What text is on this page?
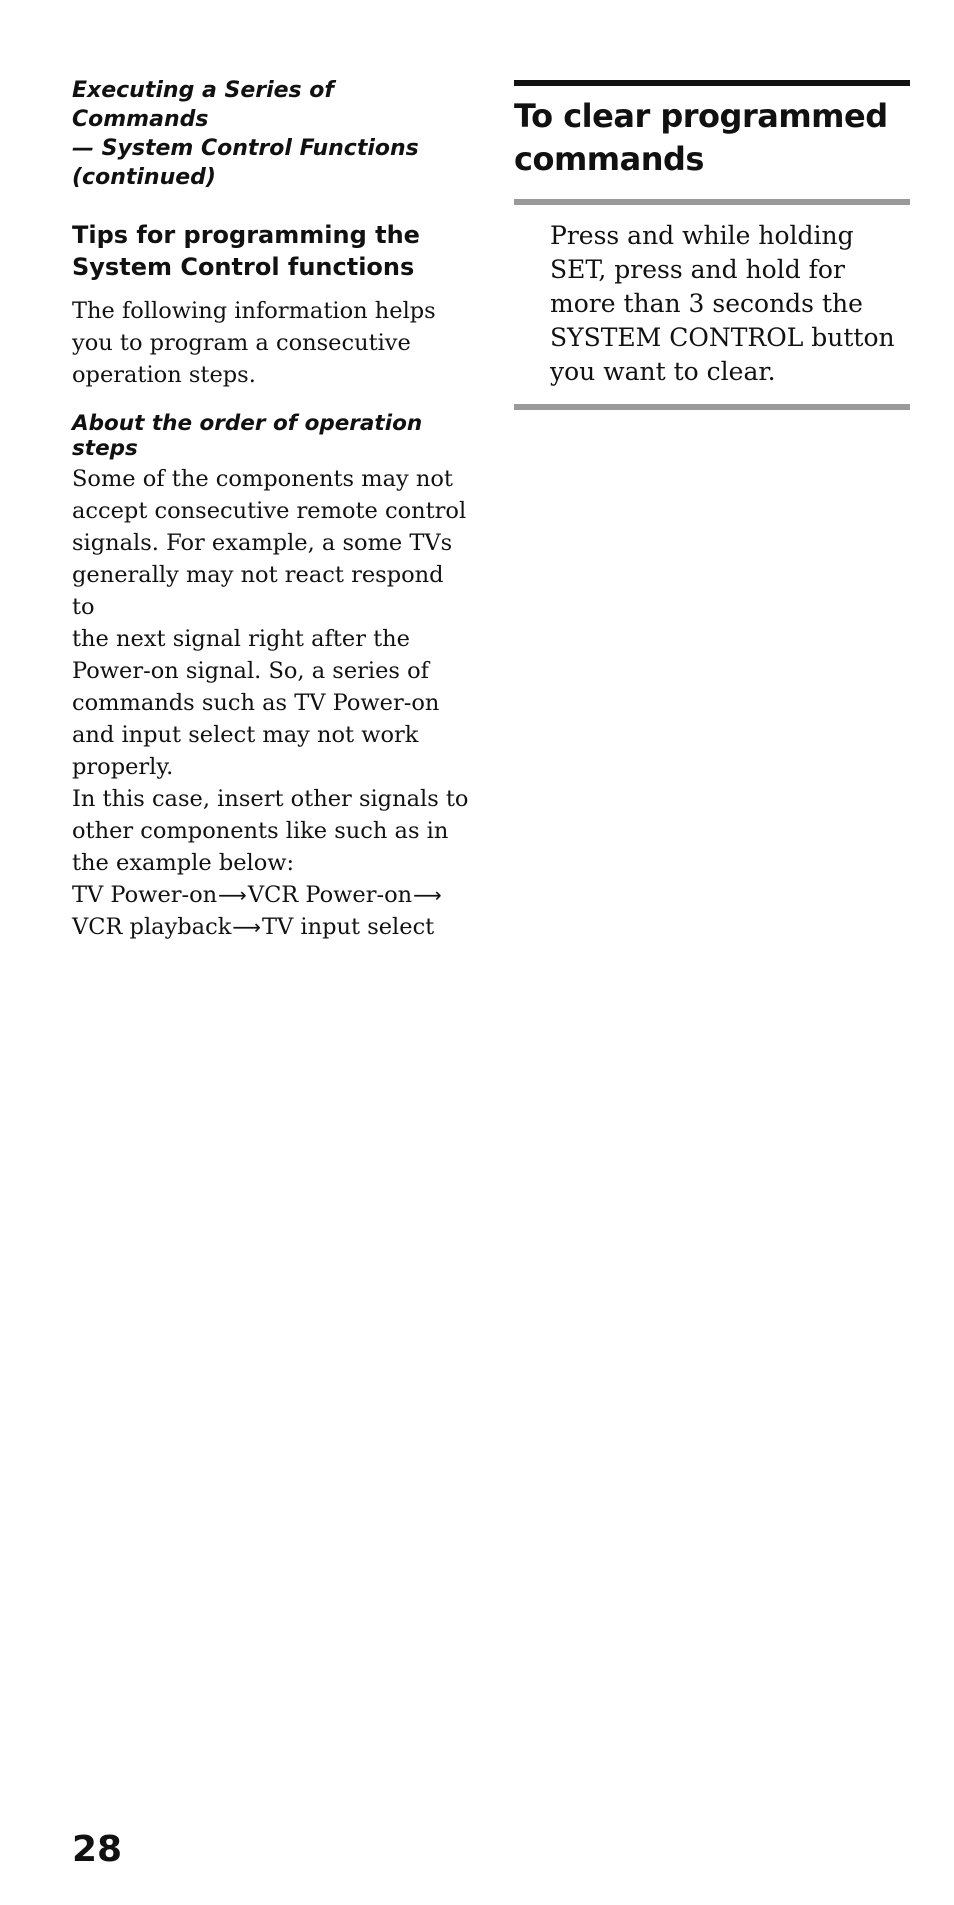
Executing a Series of Commands
— System Control Functions
(continued)
Tips for programming the
System Control functions

The following information helps
you to program a consecutive
operation steps.

About the order of operation
steps

Some of the components may not

accept consecutive remote control

signals. For example, a some TVs

generally may not react respond to

the next signal right after the

Power-on signal. So, a series of

commands such as TV Power-on

and input select may not work

properly.

In this case, insert other signals to

other components like such as in

the example below:

TV Power-on⟶VCR Power-on⟶

VCR playback⟶TV input select

To clear programmed
commands

Press and while holding
SET, press and hold for
more than 3 seconds the
SYSTEM CONTROL button
you want to clear.

28
